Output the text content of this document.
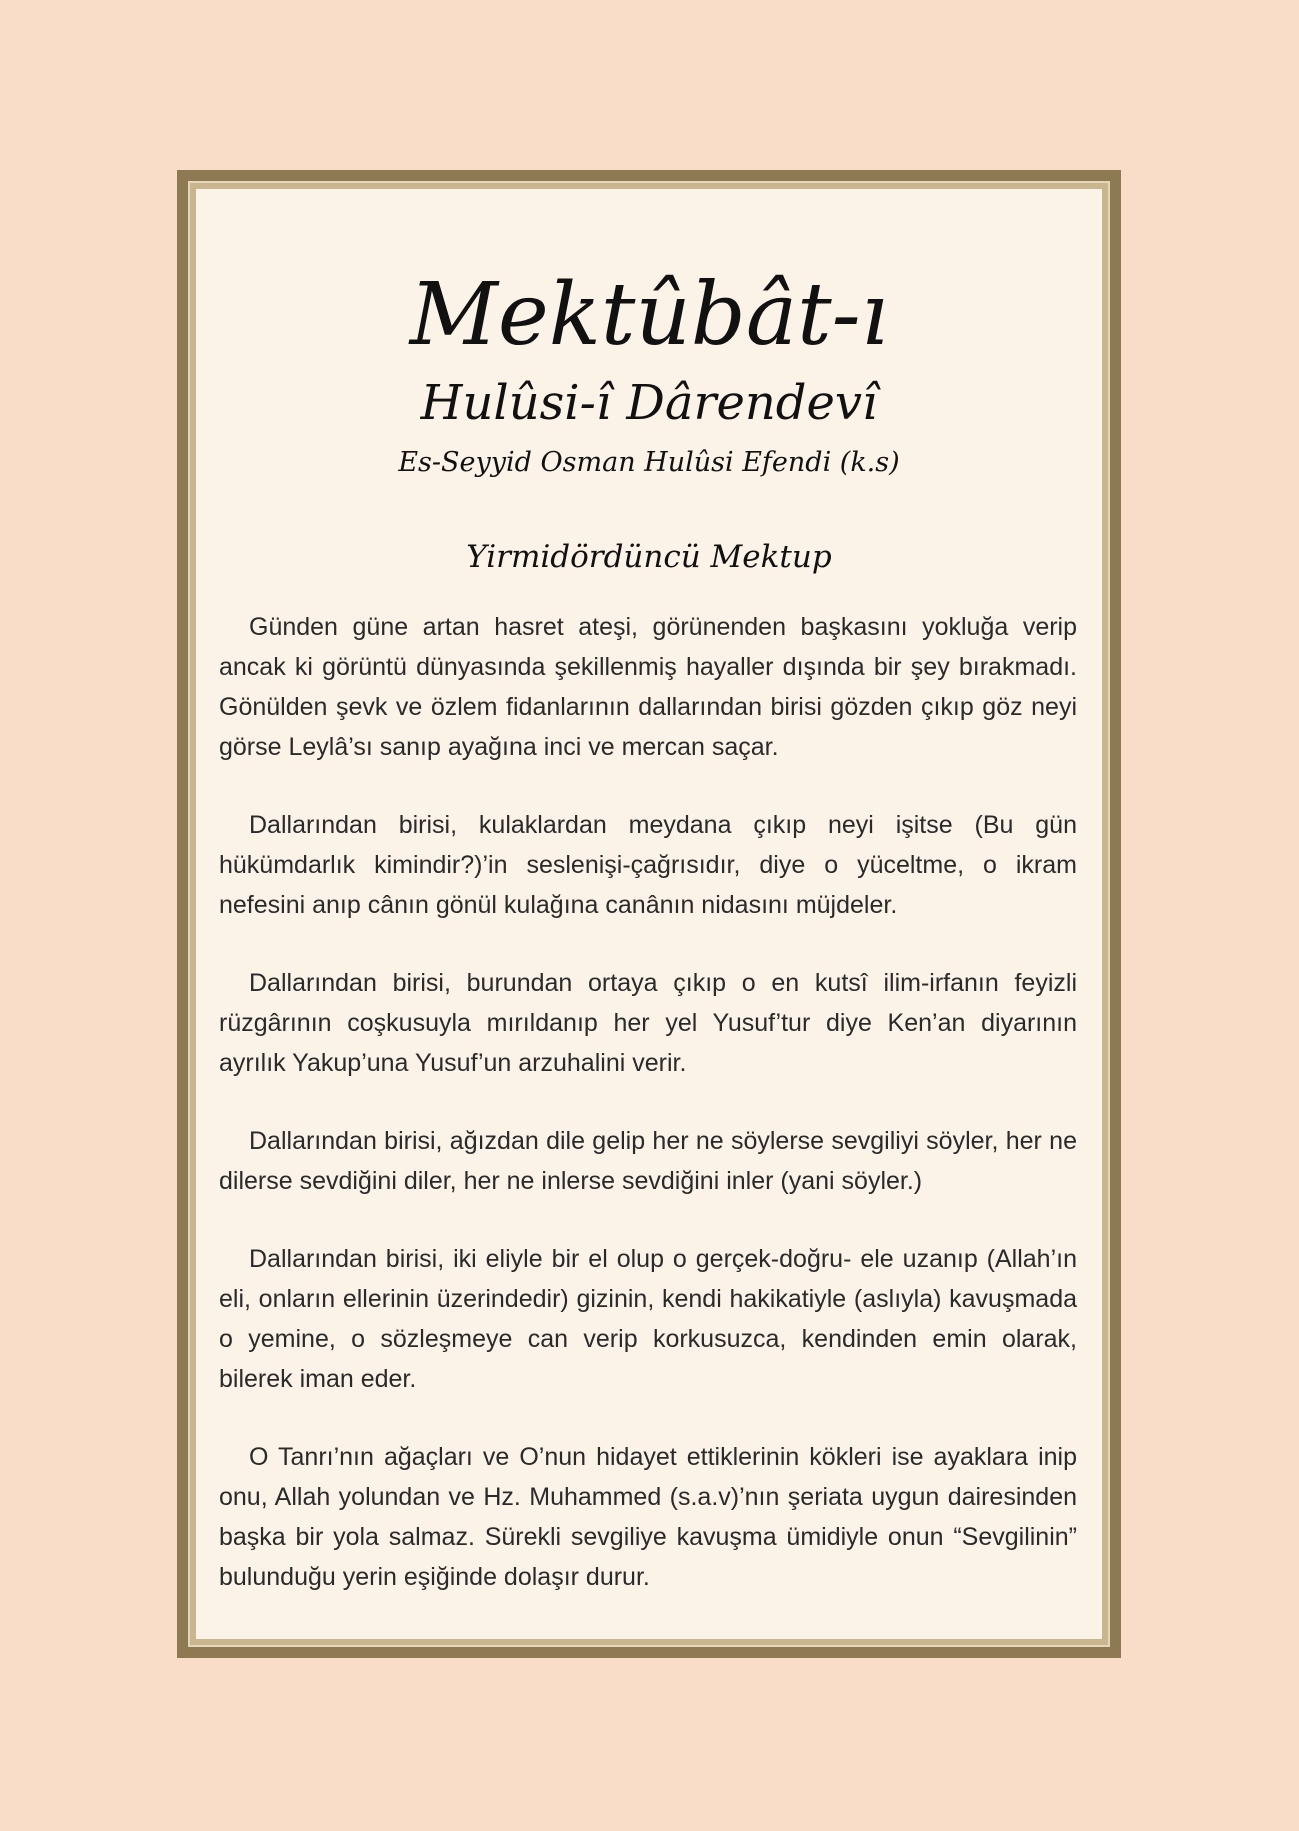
Mektûbât-ı
Hulûsi-î Dârendevî
Es-Seyyid Osman Hulûsi Efendi (k.s)
Yirmidördüncü Mektup

Günden güne artan hasret ateşi, görünenden başkasını yokluğa verip ancak ki görüntü dünyasında şekillenmiş hayaller dışında bir şey bırakmadı. Gönülden şevk ve özlem fidanlarının dallarından birisi gözden çıkıp göz neyi görse Leylâ’sı sanıp ayağına inci ve mercan saçar.

Dallarından birisi, kulaklardan meydana çıkıp neyi işitse (Bu gün hükümdarlık kimindir?)’in seslenişi-çağrısıdır, diye o yüceltme, o ikram nefesini anıp cânın gönül kulağına canânın nidasını müjdeler.

Dallarından birisi, burundan ortaya çıkıp o en kutsî ilim-irfanın feyizli rüzgârının coşkusuyla mırıldanıp her yel Yusuf’tur diye Ken’an diyarının ayrılık Yakup’una Yusuf’un arzuhalini verir.

Dallarından birisi, ağızdan dile gelip her ne söylerse sevgiliyi söyler, her ne dilerse sevdiğini diler, her ne inlerse sevdiğini inler (yani söyler.)

Dallarından birisi, iki eliyle bir el olup o gerçek-doğru- ele uzanıp (Allah’ın eli, onların ellerinin üzerindedir) gizinin, kendi hakikatiyle (aslıyla) kavuşmada o yemine, o sözleşmeye can verip korkusuzca, kendinden emin olarak, bilerek iman eder.

O Tanrı’nın ağaçları ve O’nun hidayet ettiklerinin kökleri ise ayaklara inip onu, Allah yolundan ve Hz. Muhammed (s.a.v)’nın şeriata uygun dairesinden başka bir yola salmaz. Sürekli sevgiliye kavuşma ümidiyle onun “Sevgilinin” bulunduğu yerin eşiğinde dolaşır durur.
